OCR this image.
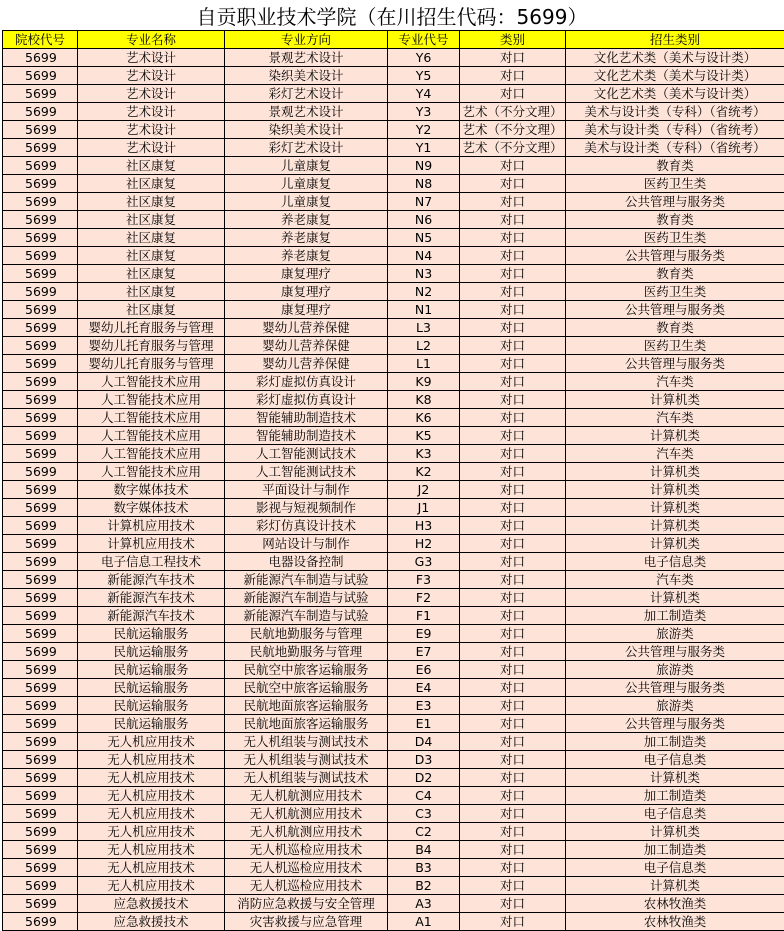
自贡职业技术学院（在川招生代码：5699）
院校代号	专业名称	专业方向	专业代号	类别	招生类别
5699	艺术设计	景观艺术设计	Y6	对口	文化艺术类（美术与设计类）
5699	艺术设计	染织美术设计	Y5	对口	文化艺术类（美术与设计类）
5699	艺术设计	彩灯艺术设计	Y4	对口	文化艺术类（美术与设计类）
5699	艺术设计	景观艺术设计	Y3	艺术（不分文理）	美术与设计类（专科）（省统考）
5699	艺术设计	染织美术设计	Y2	艺术（不分文理）	美术与设计类（专科）（省统考）
5699	艺术设计	彩灯艺术设计	Y1	艺术（不分文理）	美术与设计类（专科）（省统考）
5699	社区康复	儿童康复	N9	对口	教育类
5699	社区康复	儿童康复	N8	对口	医药卫生类
5699	社区康复	儿童康复	N7	对口	公共管理与服务类
5699	社区康复	养老康复	N6	对口	教育类
5699	社区康复	养老康复	N5	对口	医药卫生类
5699	社区康复	养老康复	N4	对口	公共管理与服务类
5699	社区康复	康复理疗	N3	对口	教育类
5699	社区康复	康复理疗	N2	对口	医药卫生类
5699	社区康复	康复理疗	N1	对口	公共管理与服务类
5699	婴幼儿托育服务与管理	婴幼儿营养保健	L3	对口	教育类
5699	婴幼儿托育服务与管理	婴幼儿营养保健	L2	对口	医药卫生类
5699	婴幼儿托育服务与管理	婴幼儿营养保健	L1	对口	公共管理与服务类
5699	人工智能技术应用	彩灯虚拟仿真设计	K9	对口	汽车类
5699	人工智能技术应用	彩灯虚拟仿真设计	K8	对口	计算机类
5699	人工智能技术应用	智能辅助制造技术	K6	对口	汽车类
5699	人工智能技术应用	智能辅助制造技术	K5	对口	计算机类
5699	人工智能技术应用	人工智能测试技术	K3	对口	汽车类
5699	人工智能技术应用	人工智能测试技术	K2	对口	计算机类
5699	数字媒体技术	平面设计与制作	J2	对口	计算机类
5699	数字媒体技术	影视与短视频制作	J1	对口	计算机类
5699	计算机应用技术	彩灯仿真设计技术	H3	对口	计算机类
5699	计算机应用技术	网站设计与制作	H2	对口	计算机类
5699	电子信息工程技术	电器设备控制	G3	对口	电子信息类
5699	新能源汽车技术	新能源汽车制造与试验	F3	对口	汽车类
5699	新能源汽车技术	新能源汽车制造与试验	F2	对口	计算机类
5699	新能源汽车技术	新能源汽车制造与试验	F1	对口	加工制造类
5699	民航运输服务	民航地勤服务与管理	E9	对口	旅游类
5699	民航运输服务	民航地勤服务与管理	E7	对口	公共管理与服务类
5699	民航运输服务	民航空中旅客运输服务	E6	对口	旅游类
5699	民航运输服务	民航空中旅客运输服务	E4	对口	公共管理与服务类
5699	民航运输服务	民航地面旅客运输服务	E3	对口	旅游类
5699	民航运输服务	民航地面旅客运输服务	E1	对口	公共管理与服务类
5699	无人机应用技术	无人机组装与测试技术	D4	对口	加工制造类
5699	无人机应用技术	无人机组装与测试技术	D3	对口	电子信息类
5699	无人机应用技术	无人机组装与测试技术	D2	对口	计算机类
5699	无人机应用技术	无人机航测应用技术	C4	对口	加工制造类
5699	无人机应用技术	无人机航测应用技术	C3	对口	电子信息类
5699	无人机应用技术	无人机航测应用技术	C2	对口	计算机类
5699	无人机应用技术	无人机巡检应用技术	B4	对口	加工制造类
5699	无人机应用技术	无人机巡检应用技术	B3	对口	电子信息类
5699	无人机应用技术	无人机巡检应用技术	B2	对口	计算机类
5699	应急救援技术	消防应急救援与安全管理	A3	对口	农林牧渔类
5699	应急救援技术	灾害救援与应急管理	A1	对口	农林牧渔类
